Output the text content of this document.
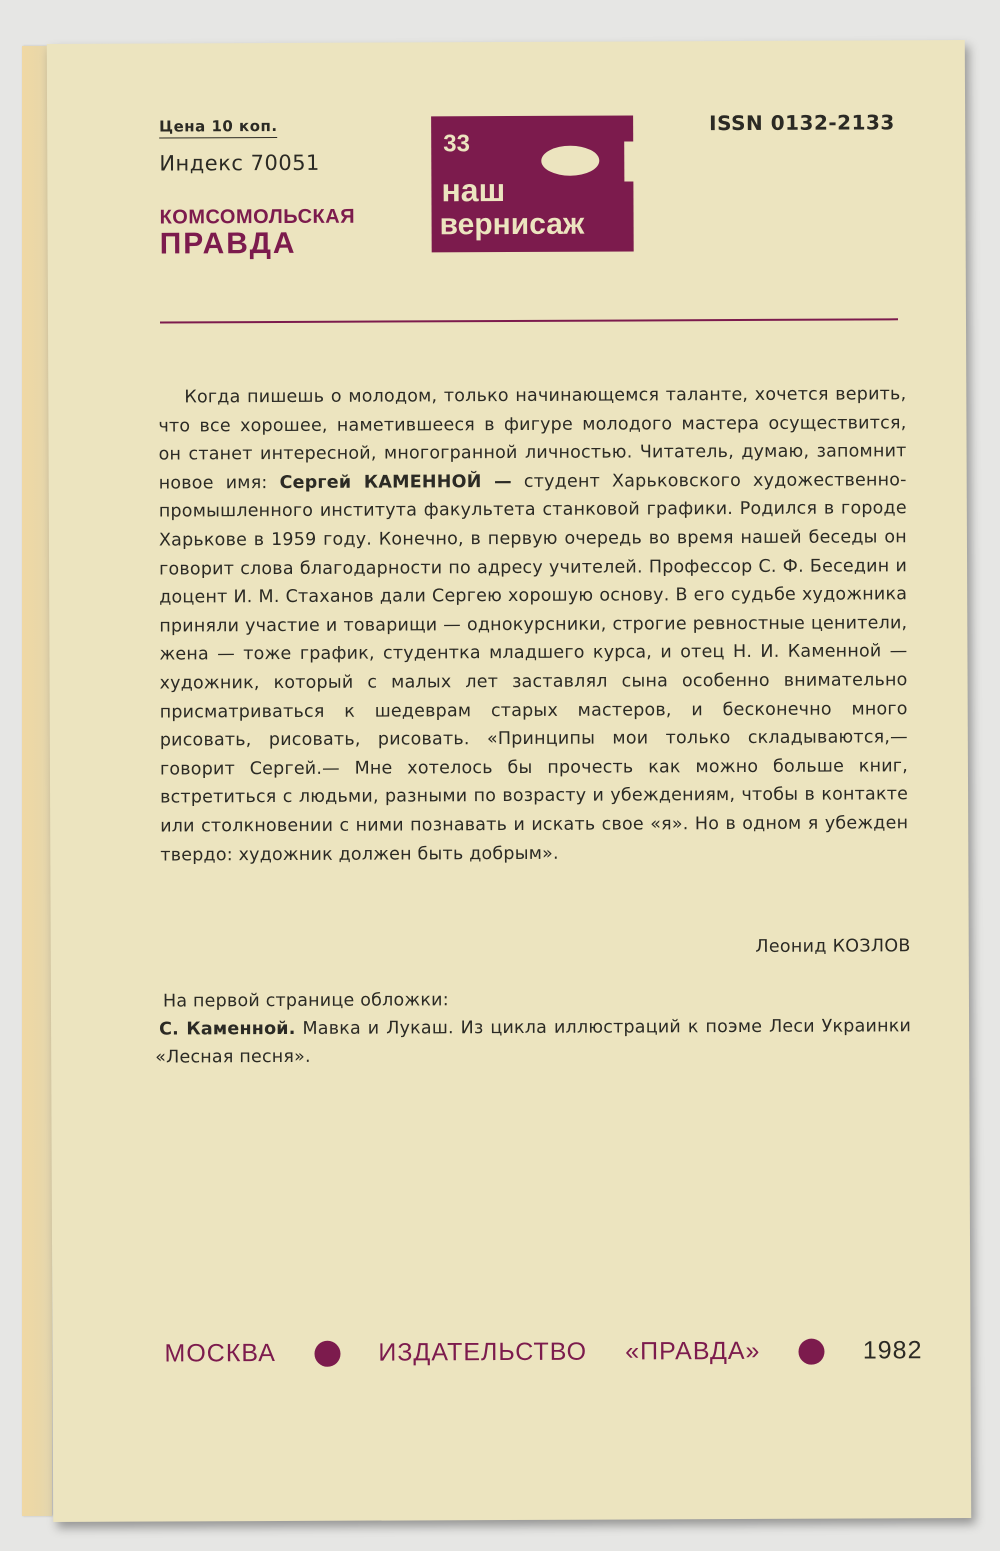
Цена 10 коп.
Индекс 70051
КОМСОМОЛЬСКАЯ
ПРАВДА
33
наш
вернисаж
ISSN 0132-2133

Когда пишешь о молодом, только начинающемся таланте, хочется верить, что все хорошее, наметившееся в фигуре молодого мастера осуществится, он станет интересной, многогранной личностью. Читатель, думаю, запомнит новое имя: Сергей КАМЕННОЙ — студент Харьковского художественно-промышленного института факультета станковой графики. Родился в городе Харькове в 1959 году. Конечно, в первую очередь во время нашей беседы он говорит слова благодарности по адресу учителей. Профессор С. Ф. Беседин и доцент И. М. Стаханов дали Сергею хорошую основу. В его судьбе художника приняли участие и товарищи — однокурсники, строгие ревностные ценители, жена — тоже график, студентка младшего курса, и отец Н. И. Каменной — художник, который с малых лет заставлял сына особенно внимательно присматриваться к шедеврам старых мастеров, и бесконечно много рисовать, рисовать, рисовать. «Принципы мои только складываются,—говорит Сергей.— Мне хотелось бы прочесть как можно больше книг, встретиться с людьми, разными по возрасту и убеждениям, чтобы в контакте или столкновении с ними познавать и искать свое «я». Но в одном я убежден твердо: художник должен быть добрым».

Леонид КОЗЛОВ
На первой странице обложки:
С. Каменной. Мавка и Лукаш. Из цикла иллюстраций к поэме Леси Украинки «Лесная песня».
МОСКВА	ИЗДАТЕЛЬСТВО «ПРАВДА»	1982
